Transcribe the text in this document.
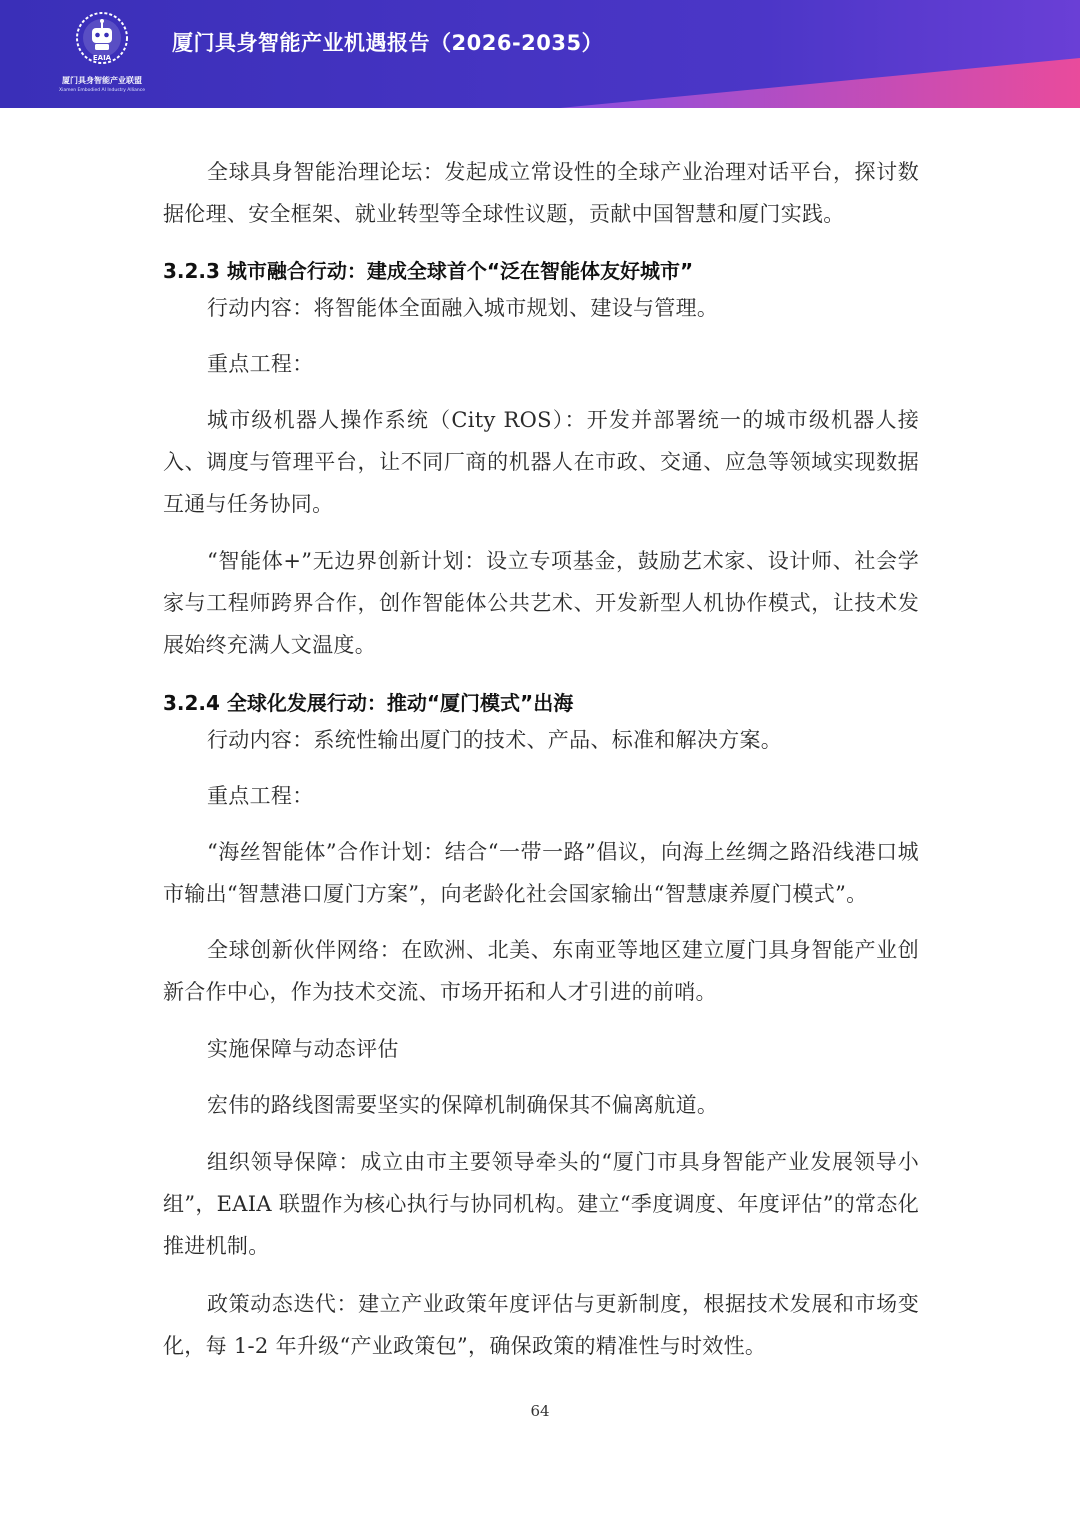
EAIA
厦门具身智能产业联盟
Xiamen Embodied AI Industry Alliance
厦门具身智能产业机遇报告（2026-2035）
全球具身智能治理论坛：发起成立常设性的全球产业治理对话平台，探讨数据伦理、安全框架、就业转型等全球性议题，贡献中国智慧和厦门实践。
3.2.3 城市融合行动：建成全球首个“泛在智能体友好城市”
行动内容：将智能体全面融入城市规划、建设与管理。
重点工程：
城市级机器人操作系统（City ROS）：开发并部署统一的城市级机器人接入、调度与管理平台，让不同厂商的机器人在市政、交通、应急等领域实现数据互通与任务协同。
“智能体+”无边界创新计划：设立专项基金，鼓励艺术家、设计师、社会学家与工程师跨界合作，创作智能体公共艺术、开发新型人机协作模式，让技术发展始终充满人文温度。
3.2.4 全球化发展行动：推动“厦门模式”出海
行动内容：系统性输出厦门的技术、产品、标准和解决方案。
重点工程：
“海丝智能体”合作计划：结合“一带一路”倡议，向海上丝绸之路沿线港口城市输出“智慧港口厦门方案”，向老龄化社会国家输出“智慧康养厦门模式”。
全球创新伙伴网络：在欧洲、北美、东南亚等地区建立厦门具身智能产业创新合作中心，作为技术交流、市场开拓和人才引进的前哨。
实施保障与动态评估
宏伟的路线图需要坚实的保障机制确保其不偏离航道。
组织领导保障：成立由市主要领导牵头的“厦门市具身智能产业发展领导小组”，EAIA 联盟作为核心执行与协同机构。建立“季度调度、年度评估”的常态化推进机制。
政策动态迭代：建立产业政策年度评估与更新制度，根据技术发展和市场变化，每 1-2 年升级“产业政策包”，确保政策的精准性与时效性。
64
